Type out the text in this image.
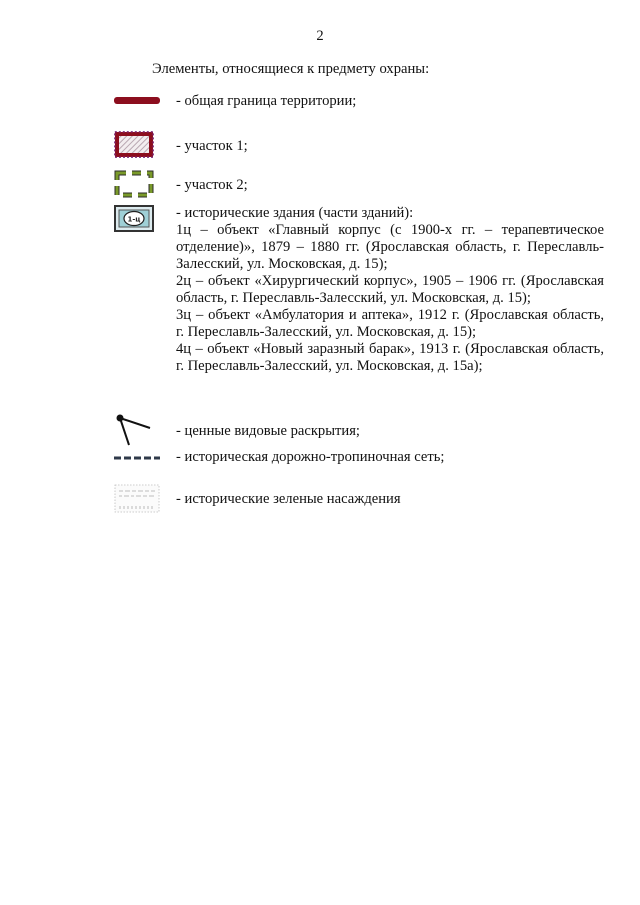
2
Элементы, относящиеся к предмету охраны:
- общая граница территории;
- участок 1;
- участок 2;
1-ц - исторические здания (части зданий):

1ц – объект «Главный корпус (с 1900-х гг. – терапевтическое отделение)», 1879 – 1880 гг. (Ярославская область, г. Переславль-Залесский, ул. Московская, д. 15);

2ц – объект «Хирургический корпус», 1905 – 1906 гг. (Ярославская область, г. Переславль-Залесский, ул. Московская, д. 15);

3ц – объект «Амбулатория и аптека», 1912 г. (Ярославская область, г. Переславль-Залесский, ул. Московская, д. 15);

4ц – объект «Новый заразный барак», 1913 г. (Ярославская область, г. Переславль-Залесский, ул. Московская, д. 15а);

- ценные видовые раскрытия;
- историческая дорожно-тропиночная сеть;
- исторические зеленые насаждения
